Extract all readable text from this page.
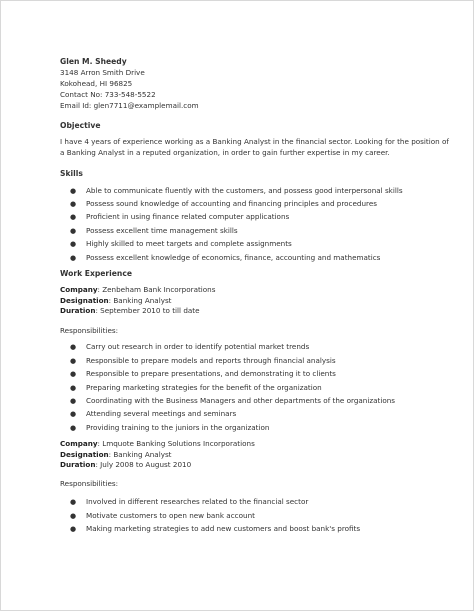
Glen M. Sheedy
3148 Arron Smith Drive
Kokohead, HI 96825
Contact No: 733-548-5522
Email Id: glen7711@examplemail.com
Objective

I have 4 years of experience working as a Banking Analyst in the financial sector. Looking for the position of a Banking Analyst in a reputed organization, in order to gain further expertise in my career.

Skills
● Able to communicate fluently with the customers, and possess good interpersonal skills
● Possess sound knowledge of accounting and financing principles and procedures
● Proficient in using finance related computer applications
● Possess excellent time management skills
● Highly skilled to meet targets and complete assignments
● Possess excellent knowledge of economics, finance, accounting and mathematics
Work Experience
Company: Zenbeham Bank Incorporations
Designation: Banking Analyst
Duration: September 2010 to till date
Responsibilities:
● Carry out research in order to identify potential market trends
● Responsible to prepare models and reports through financial analysis
● Responsible to prepare presentations, and demonstrating it to clients
● Preparing marketing strategies for the benefit of the organization
● Coordinating with the Business Managers and other departments of the organizations
● Attending several meetings and seminars
● Providing training to the juniors in the organization
Company: Lmquote Banking Solutions Incorporations
Designation: Banking Analyst
Duration: July 2008 to August 2010
Responsibilities:
● Involved in different researches related to the financial sector
● Motivate customers to open new bank account
● Making marketing strategies to add new customers and boost bank's profits
